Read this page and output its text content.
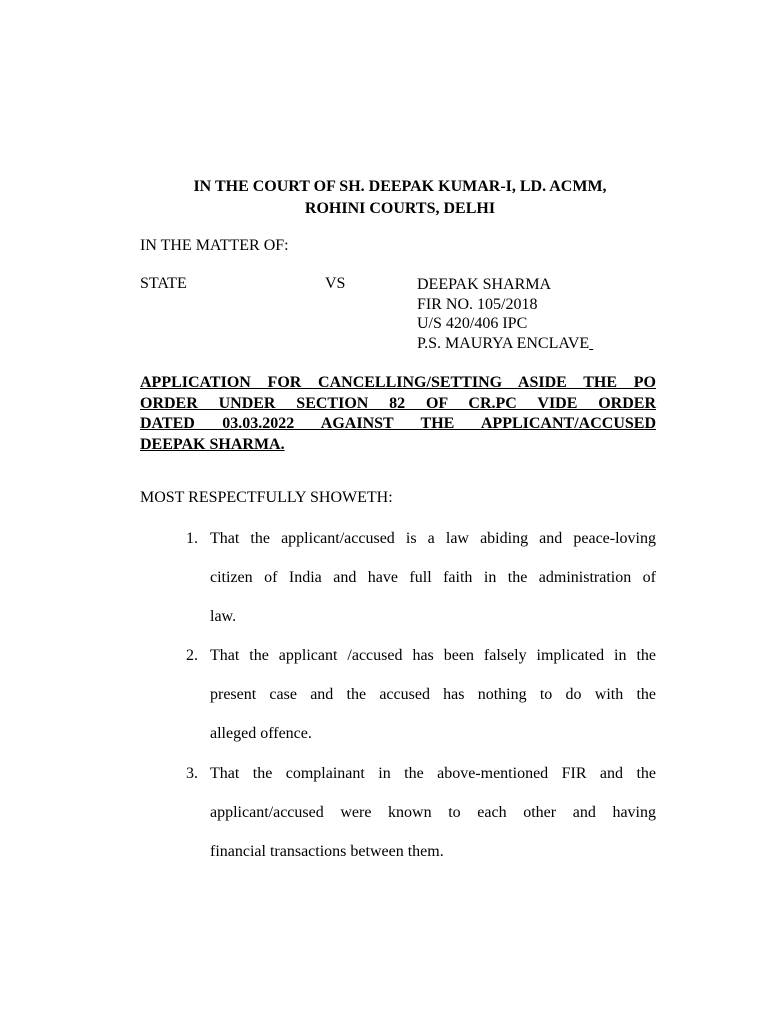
IN THE COURT OF SH. DEEPAK KUMAR-I, LD. ACMM,
ROHINI COURTS, DELHI
IN THE MATTER OF:
STATE	VS	DEEPAK SHARMA
FIR NO. 105/2018
U/S 420/406 IPC
P.S. MAURYA ENCLAVE
APPLICATION FOR CANCELLING/SETTING ASIDE THE PO
ORDER UNDER SECTION 82 OF CR.PC VIDE ORDER
DATED 03.03.2022 AGAINST THE APPLICANT/ACCUSED
DEEPAK SHARMA.
MOST RESPECTFULLY SHOWETH:
1. That the applicant/accused is a law abiding and peace-loving
citizen of India and have full faith in the administration of
law.
2. That the applicant /accused has been falsely implicated in the
present case and the accused has nothing to do with the
alleged offence.
3. That the complainant in the above-mentioned FIR and the
applicant/accused were known to each other and having
financial transactions between them.
